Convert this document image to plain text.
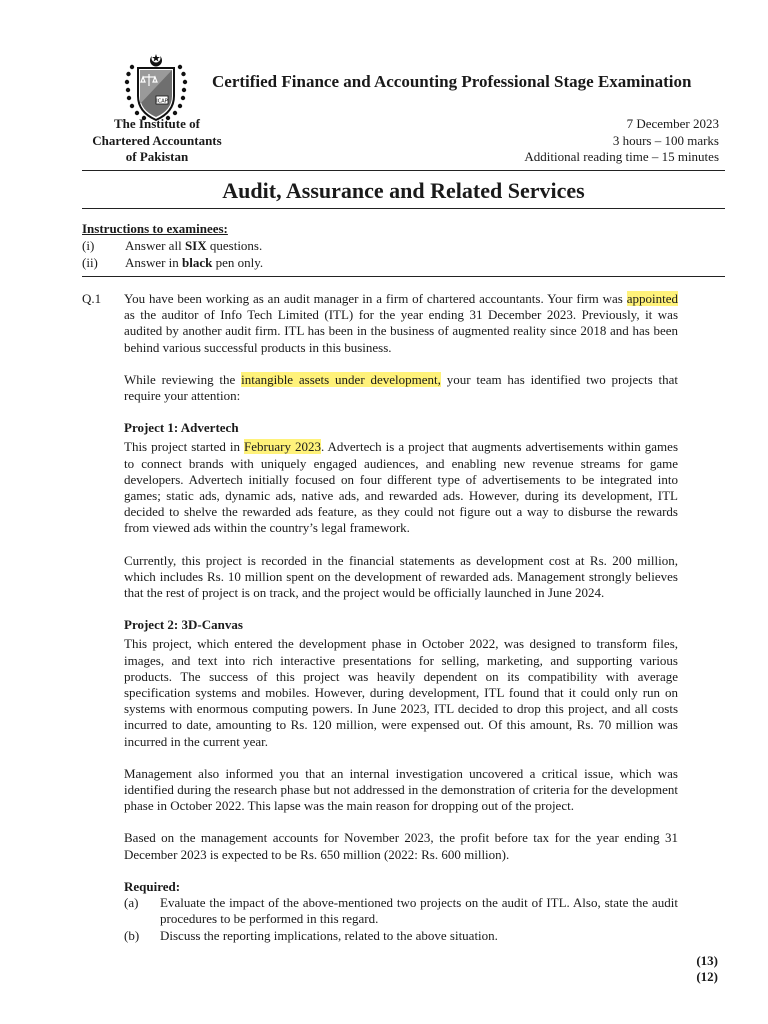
ICAP
Certified Finance and Accounting Professional Stage Examination
The Institute of
Chartered Accountants
of Pakistan
7 December 2023
3 hours – 100 marks
Additional reading time – 15 minutes
Audit, Assurance and Related Services
Instructions to examinees:
(i)	Answer all SIX questions.
(ii)	Answer in black pen only.
Q.1 You have been working as an audit manager in a firm of chartered accountants. Your firm was appointed as the auditor of Info Tech Limited (ITL) for the year ending 31 December 2023. Previously, it was audited by another audit firm. ITL has been in the business of augmented reality since 2018 and has been behind various successful products in this business.

While reviewing the intangible assets under development, your team has identified two projects that require your attention:

Project 1: Advertech

This project started in February 2023. Advertech is a project that augments advertisements within games to connect brands with uniquely engaged audiences, and enabling new revenue streams for game developers. Advertech initially focused on four different type of advertisements to be integrated into games; static ads, dynamic ads, native ads, and rewarded ads. However, during its development, ITL decided to shelve the rewarded ads feature, as they could not figure out a way to disburse the rewards from viewed ads within the country’s legal framework.

Currently, this project is recorded in the financial statements as development cost at Rs. 200 million, which includes Rs. 10 million spent on the development of rewarded ads. Management strongly believes that the rest of project is on track, and the project would be officially launched in June 2024.

Project 2: 3D-Canvas

This project, which entered the development phase in October 2022, was designed to transform files, images, and text into rich interactive presentations for selling, marketing, and supporting various products. The success of this project was heavily dependent on its compatibility with average specification systems and mobiles. However, during development, ITL found that it could only run on systems with enormous computing powers. In June 2023, ITL decided to drop this project, and all costs incurred to date, amounting to Rs. 120 million, were expensed out. Of this amount, Rs. 70 million was incurred in the current year.

Management also informed you that an internal investigation uncovered a critical issue, which was identified during the research phase but not addressed in the demonstration of criteria for the development phase in October 2022. This lapse was the main reason for dropping out of the project.

Based on the management accounts for November 2023, the profit before tax for the year ending 31 December 2023 is expected to be Rs. 650 million (2022: Rs. 600 million).

Required:
(a)	Evaluate the impact of the above-mentioned two projects on the audit of ITL. Also, state the audit procedures to be performed in this regard.
(b)	Discuss the reporting implications, related to the above situation.
(13)
(12)
